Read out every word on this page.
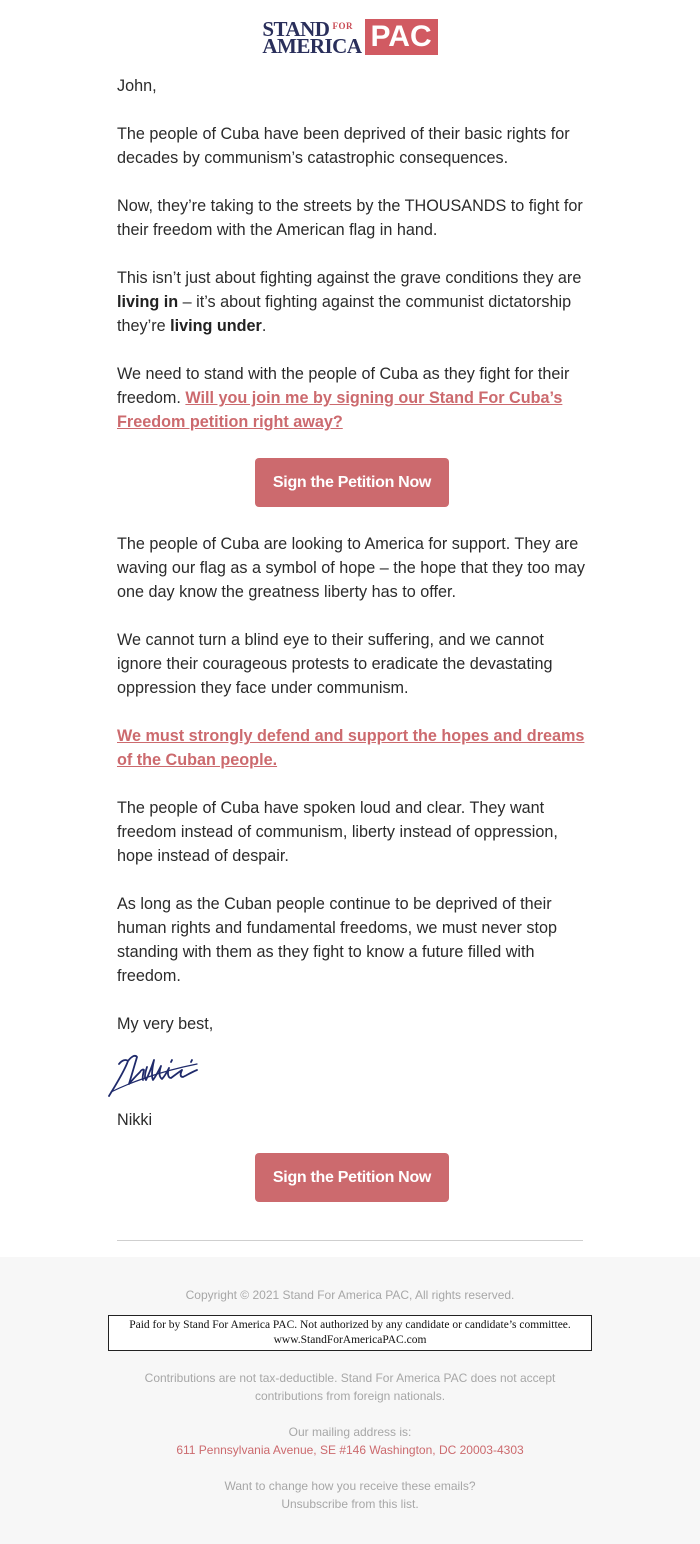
STAND FOR
AMERICA PAC

John,

The people of Cuba have been deprived of their basic rights for decades by communism’s catastrophic consequences.

Now, they’re taking to the streets by the THOUSANDS to fight for their freedom with the American flag in hand.

This isn’t just about fighting against the grave conditions they are living in – it’s about fighting against the communist dictatorship they’re living under.

We need to stand with the people of Cuba as they fight for their freedom. Will you join me by signing our Stand For Cuba’s Freedom petition right away?

Sign the Petition Now

The people of Cuba are looking to America for support. They are waving our flag as a symbol of hope – the hope that they too may one day know the greatness liberty has to offer.

We cannot turn a blind eye to their suffering, and we cannot ignore their courageous protests to eradicate the devastating oppression they face under communism.

We must strongly defend and support the hopes and dreams of the Cuban people.

The people of Cuba have spoken loud and clear. They want freedom instead of communism, liberty instead of oppression, hope instead of despair.

As long as the Cuban people continue to be deprived of their human rights and fundamental freedoms, we must never stop standing with them as they fight to know a future filled with freedom.

My very best,

Nikki

Sign the Petition Now
Copyright © 2021 Stand For America PAC, All rights reserved.
Paid for by Stand For America PAC. Not authorized by any candidate or candidate’s committee.
www.StandForAmericaPAC.com
Contributions are not tax-deductible. Stand For America PAC does not accept contributions from foreign nationals.
Our mailing address is:
611 Pennsylvania Avenue, SE #146 Washington, DC 20003-4303
Want to change how you receive these emails?
Unsubscribe from this list.
